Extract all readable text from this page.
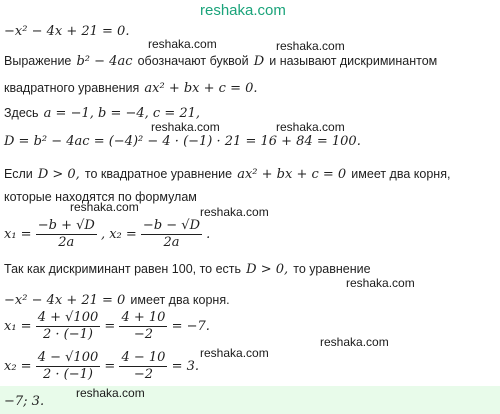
reshaka.com
−x² − 4x + 21 = 0.
Выражение b² − 4ac обозначают буквой D и называют дискриминантом
квадратного уравнения ax² + bx + c = 0.
Здесь a = −1, b = −4, c = 21,
D = b² − 4ac = (−4)² − 4 · (−1) · 21 = 16 + 84 = 100.
Если D > 0, то квадратное уравнение ax² + bx + c = 0 имеет два корня,
которые находятся по формулам
$x_1 = \frac{-b + √D}{2a}$ , $x_2 = \frac{-b - √D}{2a}$ .
Так как дискриминант равен 100, то есть D > 0, то уравнение
−x² − 4x + 21 = 0 имеет два корня.
$x_1 = \frac{4 + √100}{2 \cdot (-1)} = \frac{4 + 10}{-2} = -7$.
$x_2 = \frac{4 - √100}{2 \cdot (-1)} = \frac{4 - 10}{-2} = 3$.
−7; 3.
reshaka.com	reshaka.com
reshaka.com	reshaka.com
reshaka.com	reshaka.com
reshaka.com
reshaka.com
reshaka.com
reshaka.com
